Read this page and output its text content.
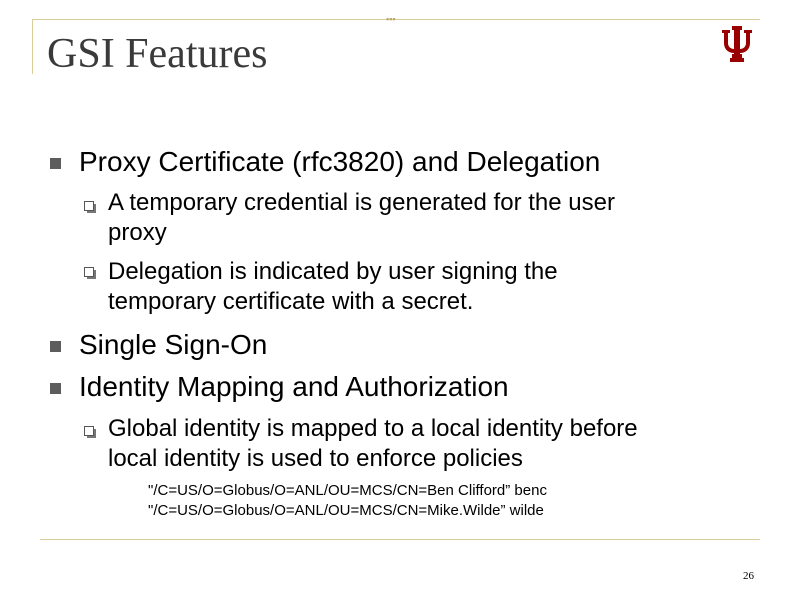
▪▪▪
GSI Features
Proxy Certificate (rfc3820) and Delegation
A temporary credential is generated for the user
proxy
Delegation is indicated by user signing the
temporary certificate with a secret.
Single Sign-On
Identity Mapping and Authorization
Global identity is mapped to a local identity before
local identity is used to enforce policies
"/C=US/O=Globus/O=ANL/OU=MCS/CN=Ben Clifford” benc
"/C=US/O=Globus/O=ANL/OU=MCS/CN=Mike.Wilde” wilde
26
